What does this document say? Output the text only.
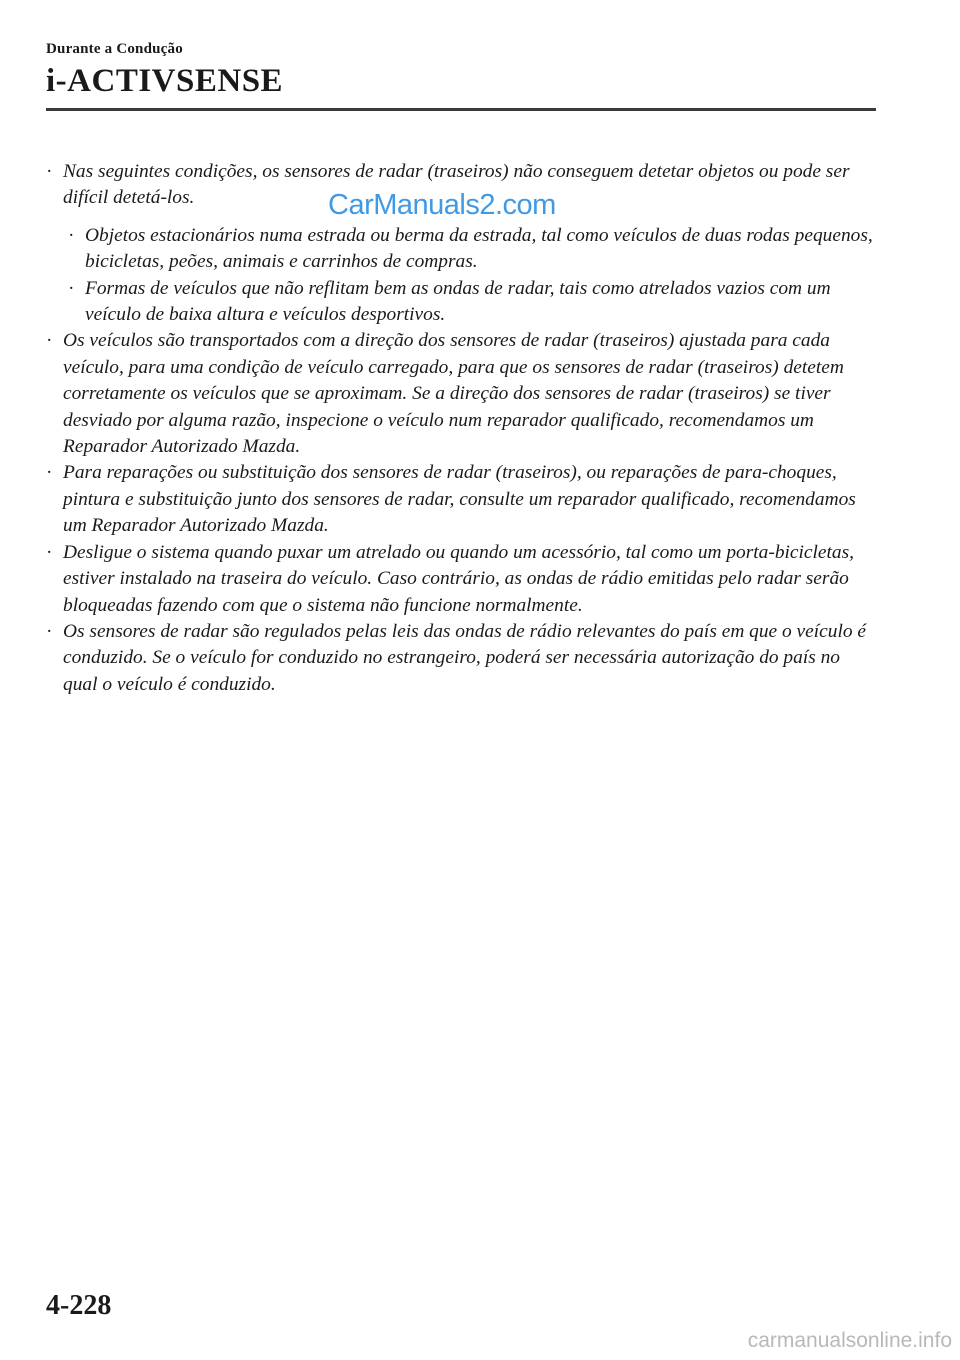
Durante a Condução
i-ACTIVSENSE
· Nas seguintes condições, os sensores de radar (traseiros) não conseguem detetar objetos ou pode ser difícil detetá-los.
· Objetos estacionários numa estrada ou berma da estrada, tal como veículos de duas rodas pequenos, bicicletas, peões, animais e carrinhos de compras.
· Formas de veículos que não reflitam bem as ondas de radar, tais como atrelados vazios com um veículo de baixa altura e veículos desportivos.
· Os veículos são transportados com a direção dos sensores de radar (traseiros) ajustada para cada veículo, para uma condição de veículo carregado, para que os sensores de radar (traseiros) detetem corretamente os veículos que se aproximam. Se a direção dos sensores de radar (traseiros) se tiver desviado por alguma razão, inspecione o veículo num reparador qualificado, recomendamos um Reparador Autorizado Mazda.
· Para reparações ou substituição dos sensores de radar (traseiros), ou reparações de para-choques, pintura e substituição junto dos sensores de radar, consulte um reparador qualificado, recomendamos um Reparador Autorizado Mazda.
· Desligue o sistema quando puxar um atrelado ou quando um acessório, tal como um porta-bicicletas, estiver instalado na traseira do veículo. Caso contrário, as ondas de rádio emitidas pelo radar serão bloqueadas fazendo com que o sistema não funcione normalmente.
· Os sensores de radar são regulados pelas leis das ondas de rádio relevantes do país em que o veículo é conduzido. Se o veículo for conduzido no estrangeiro, poderá ser necessária autorização do país no qual o veículo é conduzido.
CarManuals2.com
4-228
carmanualsonline.info
